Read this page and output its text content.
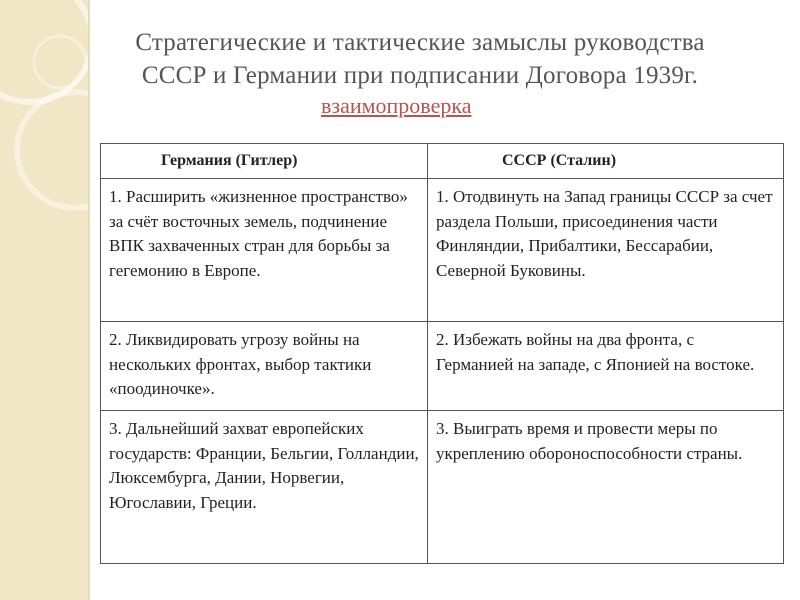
Стратегические и тактические замыслы руководства СССР и Германии при подписании Договора 1939г.
взаимопроверка
Германия (Гитлер)	СССР (Сталин)
1. Расширить «жизненное пространство» за счёт восточных земель, подчинение ВПК захваченных стран для борьбы за гегемонию в Европе.	1. Отодвинуть на Запад границы СССР за счет раздела Польши, присоединения части Финляндии, Прибалтики, Бессарабии, Северной Буковины.
2. Ликвидировать угрозу войны на нескольких фронтах, выбор тактики «поодиночке».	2. Избежать войны на два фронта, с Германией на западе, с Японией на востоке.
3. Дальнейший захват европейских государств: Франции, Бельгии, Голландии, Люксембурга, Дании, Норвегии, Югославии, Греции.	3. Выиграть время и провести меры по укреплению обороноспособности страны.
